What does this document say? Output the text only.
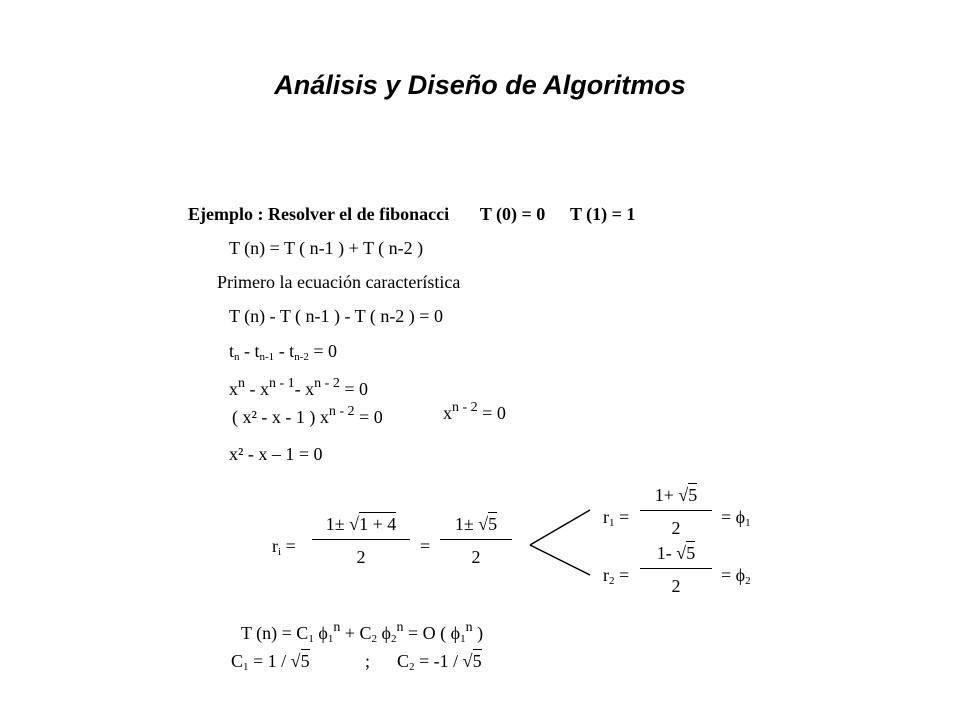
Análisis y Diseño de Algoritmos
Ejemplo : Resolver el de fibonacci T (0) = 0 T (1) = 1
T (n) = T ( n-1 ) + T ( n-2 )
Primero la ecuación característica
T (n) - T ( n-1 ) - T ( n-2 ) = 0
tn - tn-1 - tn-2 = 0
$x^n - x^{n - 1}-$ $x^{n - 2} = 0$
( x² - x - 1 ) $x^{n - 2} = 0$	$x^{n - 2} = 0$
x² - x – 1 = 0
ri = $\frac{1\pm √1 + 4}{2} = \frac{1\pm √5}{2}$	$r1 = \frac{1+ √5}{2} = \phi 1$
$r2 = \frac{1- √5}{2} = \phi 2$
T (n) = C1 $\phi 1^n + C2$ $\phi 2^n = O$ ( ϕ1$^n$ )
C1 = 1 / √5	; C2 = -1 / √5
